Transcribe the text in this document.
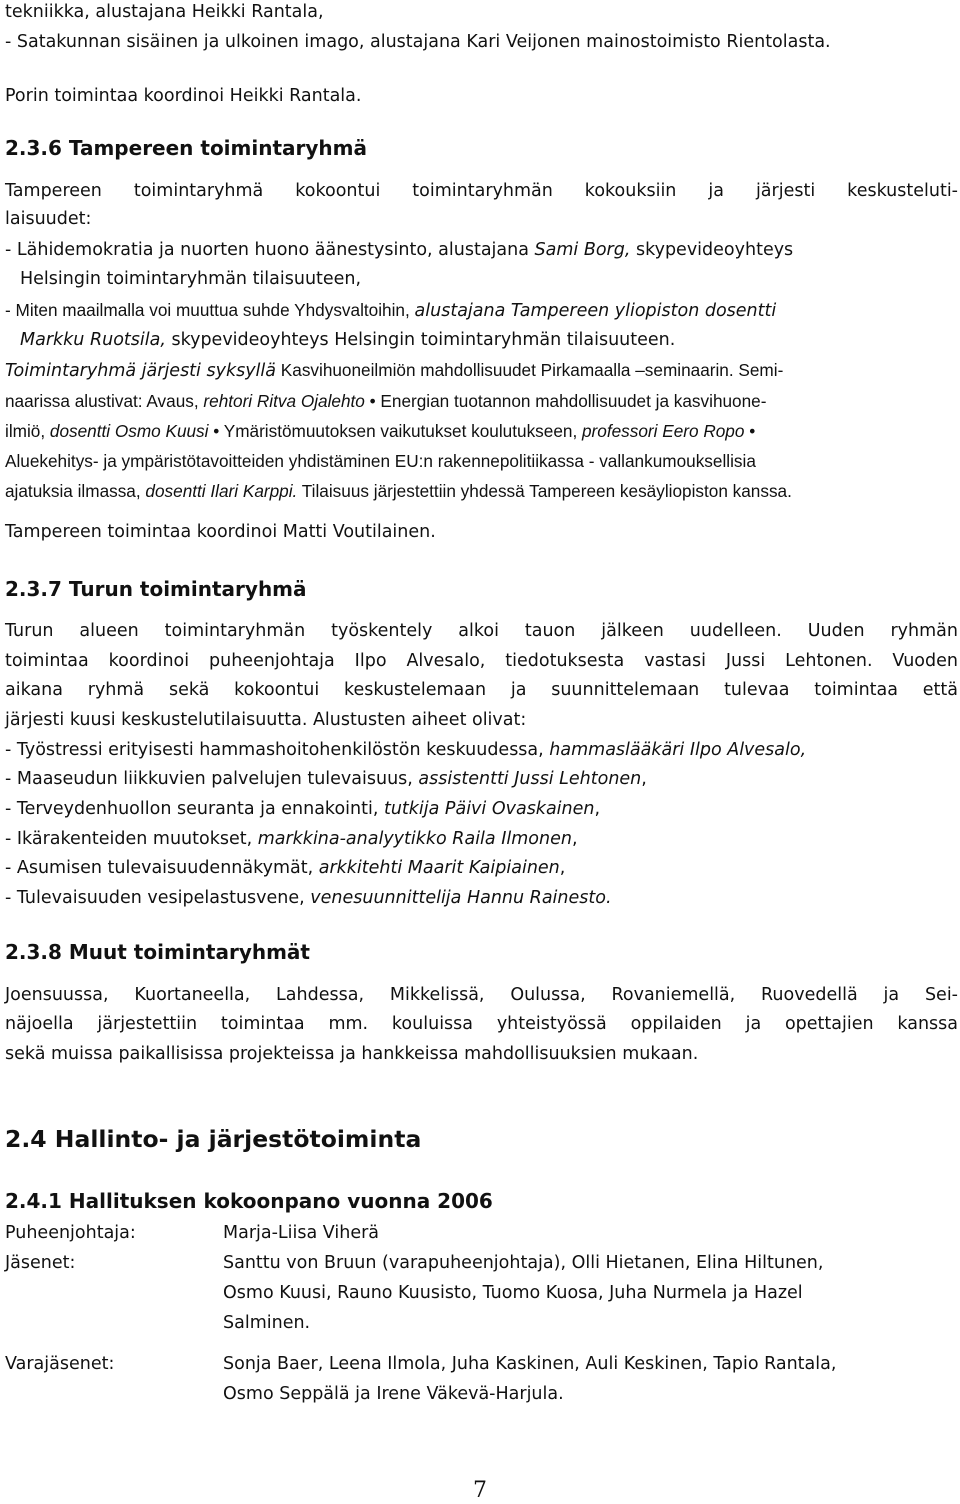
tekniikka, alustajana Heikki Rantala,
- Satakunnan sisäinen ja ulkoinen imago, alustajana Kari Veijonen mainostoimisto Rientolasta.
Porin toimintaa koordinoi Heikki Rantala.
2.3.6 Tampereen toimintaryhmä
Tampereen toimintaryhmä kokoontui toimintaryhmän kokouksiin ja järjesti keskusteluti-
laisuudet:
- Lähidemokratia ja nuorten huono äänestysinto, alustajana Sami Borg, skypevideoyhteys
Helsingin toimintaryhmän tilaisuuteen,
- Miten maailmalla voi muuttua suhde Yhdysvaltoihin, alustajana Tampereen yliopiston dosentti
Markku Ruotsila, skypevideoyhteys Helsingin toimintaryhmän tilaisuuteen.
Toimintaryhmä järjesti syksyllä Kasvihuoneilmiön mahdollisuudet Pirkamaalla –seminaarin. Semi-
naarissa alustivat: Avaus, rehtori Ritva Ojalehto • Energian tuotannon mahdollisuudet ja kasvihuone-
ilmiö, dosentti Osmo Kuusi • Ymäristömuutoksen vaikutukset koulutukseen, professori Eero Ropo •
Aluekehitys- ja ympäristötavoitteiden yhdistäminen EU:n rakennepolitiikassa - vallankumouksellisia
ajatuksia ilmassa, dosentti Ilari Karppi. Tilaisuus järjestettiin yhdessä Tampereen kesäyliopiston kanssa.
Tampereen toimintaa koordinoi Matti Voutilainen.
2.3.7 Turun toimintaryhmä
Turun alueen toimintaryhmän työskentely alkoi tauon jälkeen uudelleen. Uuden ryhmän
toimintaa koordinoi puheenjohtaja Ilpo Alvesalo, tiedotuksesta vastasi Jussi Lehtonen. Vuoden
aikana ryhmä sekä kokoontui keskustelemaan ja suunnittelemaan tulevaa toimintaa että
järjesti kuusi keskustelutilaisuutta. Alustusten aiheet olivat:
- Työstressi erityisesti hammashoitohenkilöstön keskuudessa, hammaslääkäri Ilpo Alvesalo,
- Maaseudun liikkuvien palvelujen tulevaisuus, assistentti Jussi Lehtonen,
- Terveydenhuollon seuranta ja ennakointi, tutkija Päivi Ovaskainen,
- Ikärakenteiden muutokset, markkina-analyytikko Raila Ilmonen,
- Asumisen tulevaisuudennäkymät, arkkitehti Maarit Kaipiainen,
- Tulevaisuuden vesipelastusvene, venesuunnittelija Hannu Rainesto.
2.3.8 Muut toimintaryhmät
Joensuussa, Kuortaneella, Lahdessa, Mikkelissä, Oulussa, Rovaniemellä, Ruovedellä ja Sei-
näjoella järjestettiin toimintaa mm. kouluissa yhteistyössä oppilaiden ja opettajien kanssa
sekä muissa paikallisissa projekteissa ja hankkeissa mahdollisuuksien mukaan.
2.4 Hallinto- ja järjestötoiminta
2.4.1 Hallituksen kokoonpano vuonna 2006
Puheenjohtaja:	Marja-Liisa Viherä
Jäsenet:	Santtu von Bruun (varapuheenjohtaja), Olli Hietanen, Elina Hiltunen,
Osmo Kuusi, Rauno Kuusisto, Tuomo Kuosa, Juha Nurmela ja Hazel
Salminen.
Varajäsenet:	Sonja Baer, Leena Ilmola, Juha Kaskinen, Auli Keskinen, Tapio Rantala,
Osmo Seppälä ja Irene Väkevä-Harjula.
7
